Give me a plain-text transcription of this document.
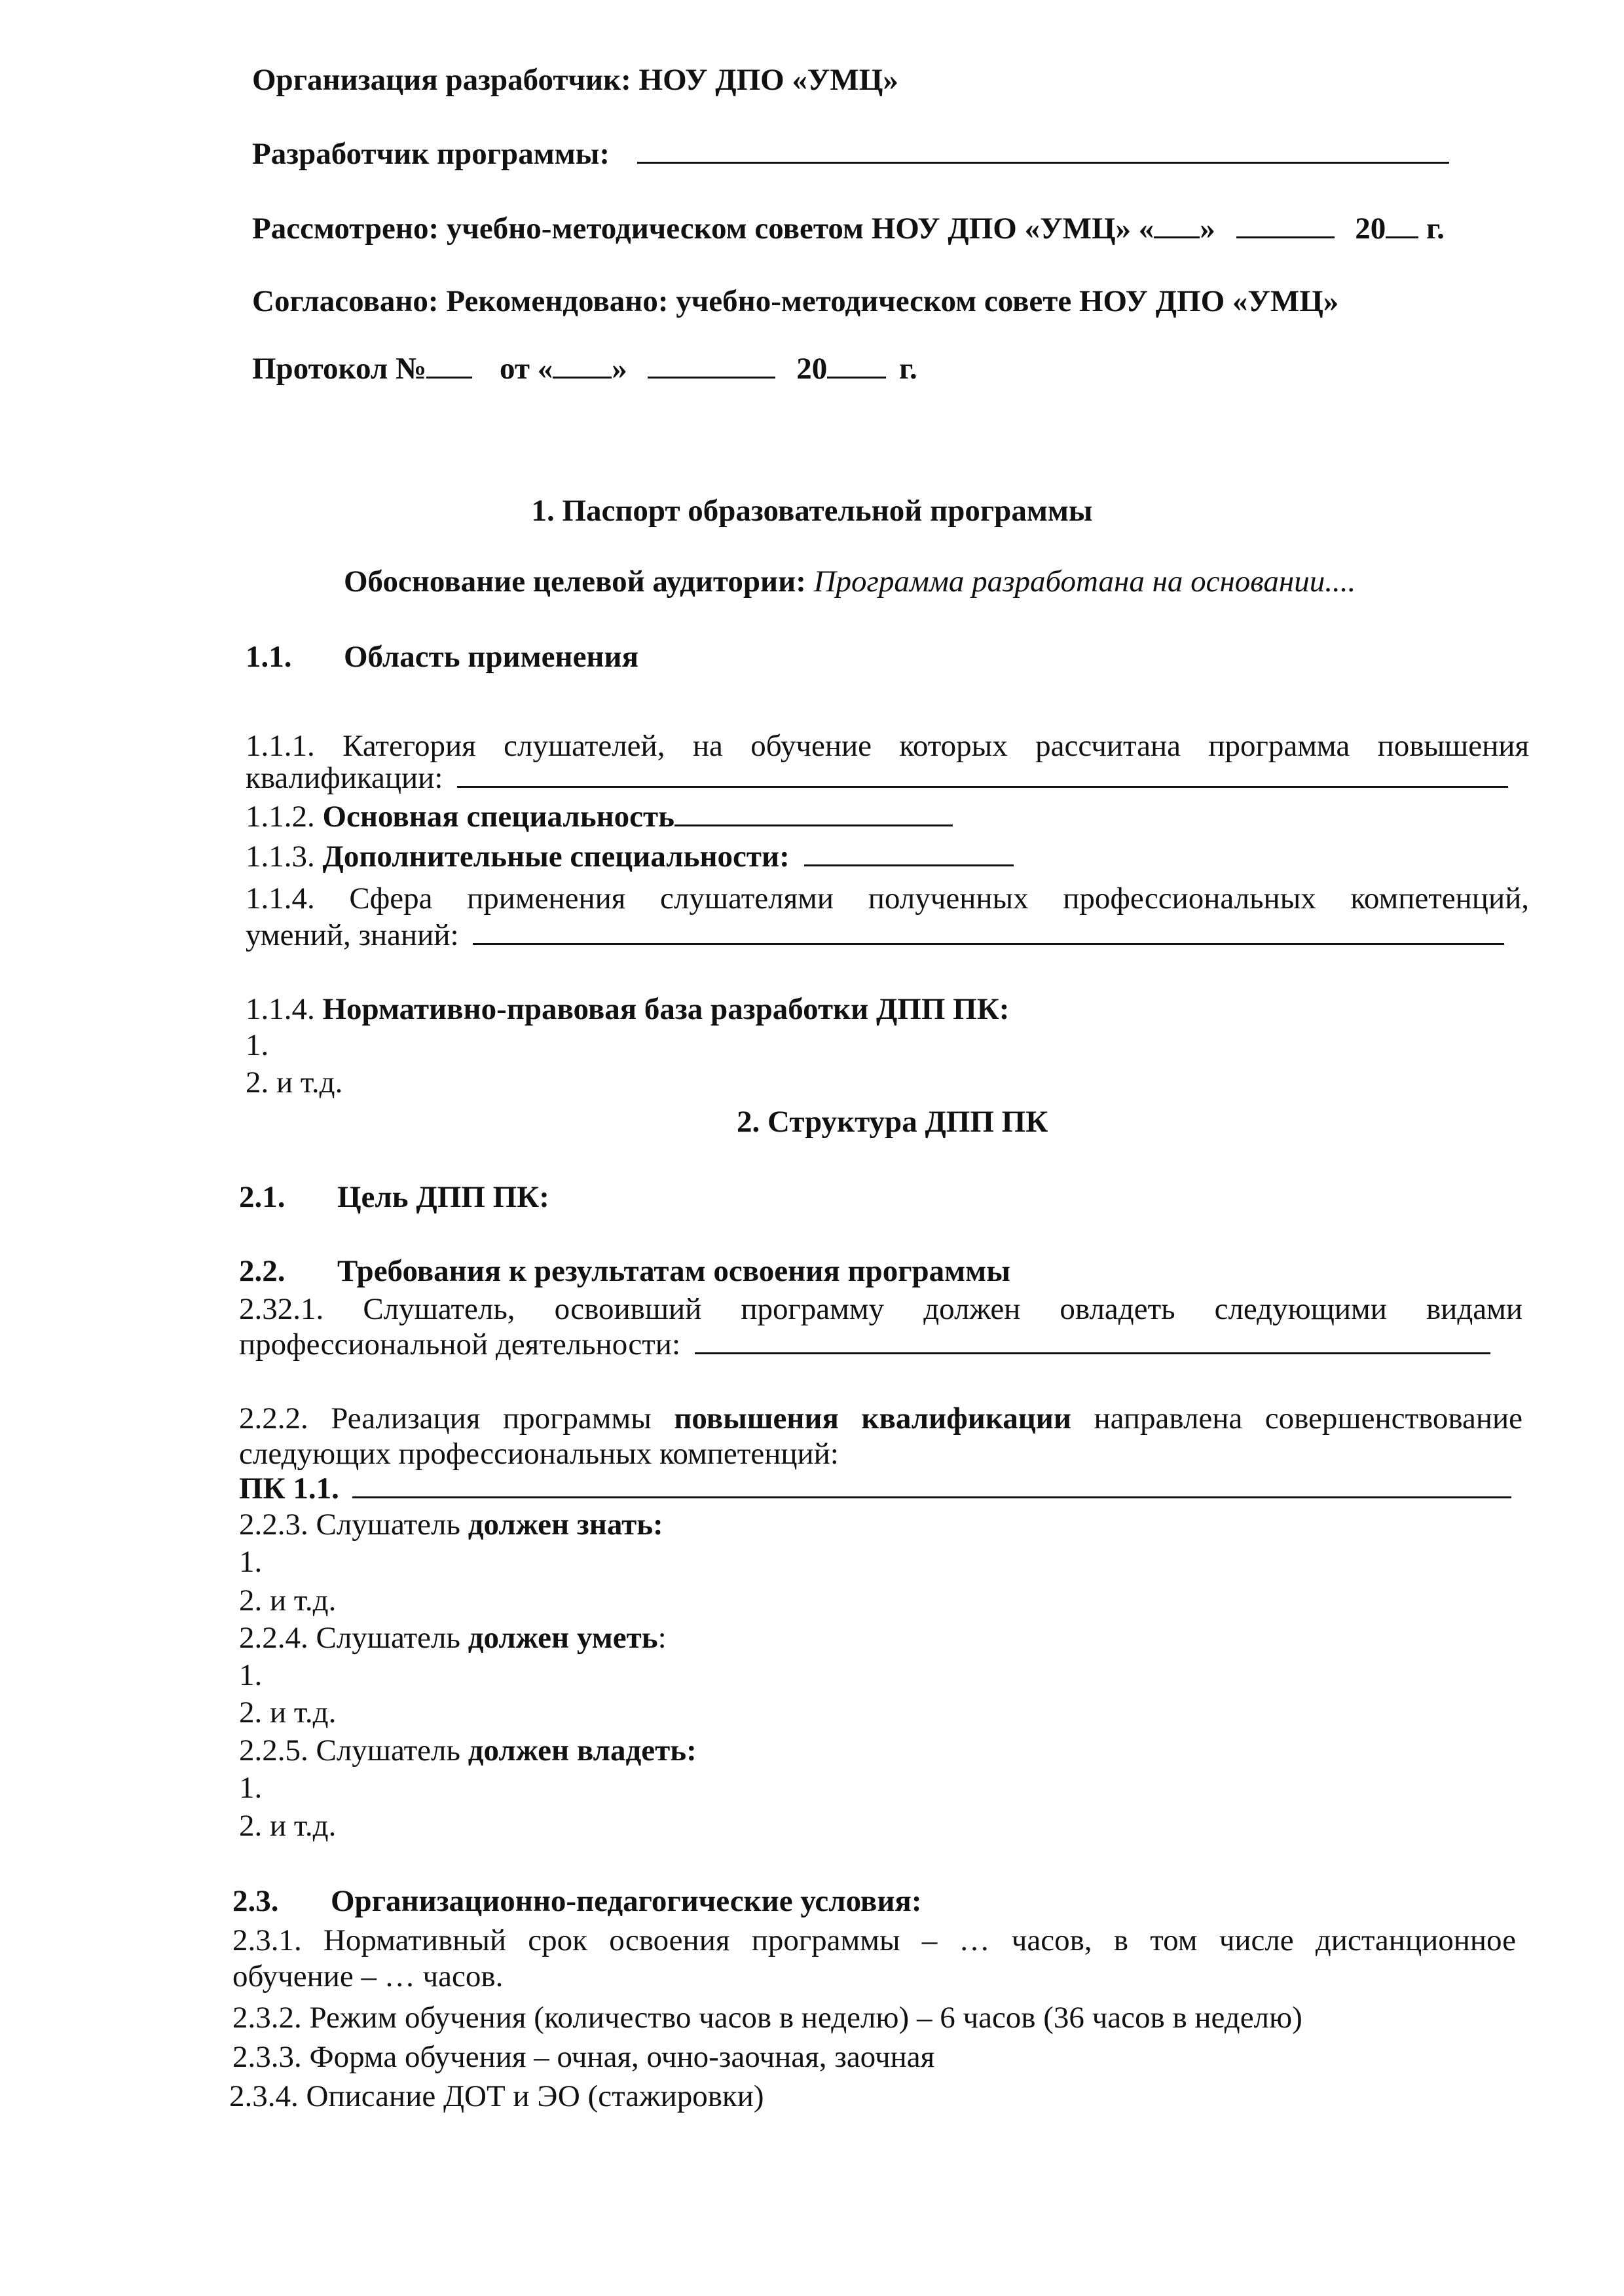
Организация разработчик: НОУ ДПО «УМЦ»
Разработчик программы:
Рассмотрено: учебно-методическом советом НОУ ДПО «УМЦ» « »	20 г.
Согласовано: Рекомендовано: учебно-методическом совете НОУ ДПО «УМЦ»
Протокол № от « »	20 г.
1. Паспорт образовательной программы
Обоснование целевой аудитории: Программа разработана на основании....
1.1. Область применения
1.1.1. Категория слушателей, на обучение которых рассчитана программа повышения
квалификации:
1.1.2. Основная специальность
1.1.3. Дополнительные специальности:
1.1.4. Сфера применения слушателями полученных профессиональных компетенций,
умений, знаний:
1.1.4. Нормативно-правовая база разработки ДПП ПК:
1.
2. и т.д.
2. Структура ДПП ПК
2.1. Цель ДПП ПК:
2.2. Требования к результатам освоения программы
2.32.1. Слушатель, освоивший программу должен овладеть следующими видами
профессиональной деятельности:
2.2.2. Реализация программы повышения квалификации направлена совершенствование
следующих профессиональных компетенций:
ПК 1.1.
2.2.3. Слушатель должен знать:
1.
2. и т.д.
2.2.4. Слушатель должен уметь:
1.
2. и т.д.
2.2.5. Слушатель должен владеть:
1.
2. и т.д.
2.3. Организационно-педагогические условия:
2.3.1. Нормативный срок освоения программы – … часов, в том числе дистанционное
обучение – … часов.
2.3.2. Режим обучения (количество часов в неделю) – 6 часов (36 часов в неделю)
2.3.3. Форма обучения – очная, очно-заочная, заочная
2.3.4. Описание ДОТ и ЭО (стажировки)
